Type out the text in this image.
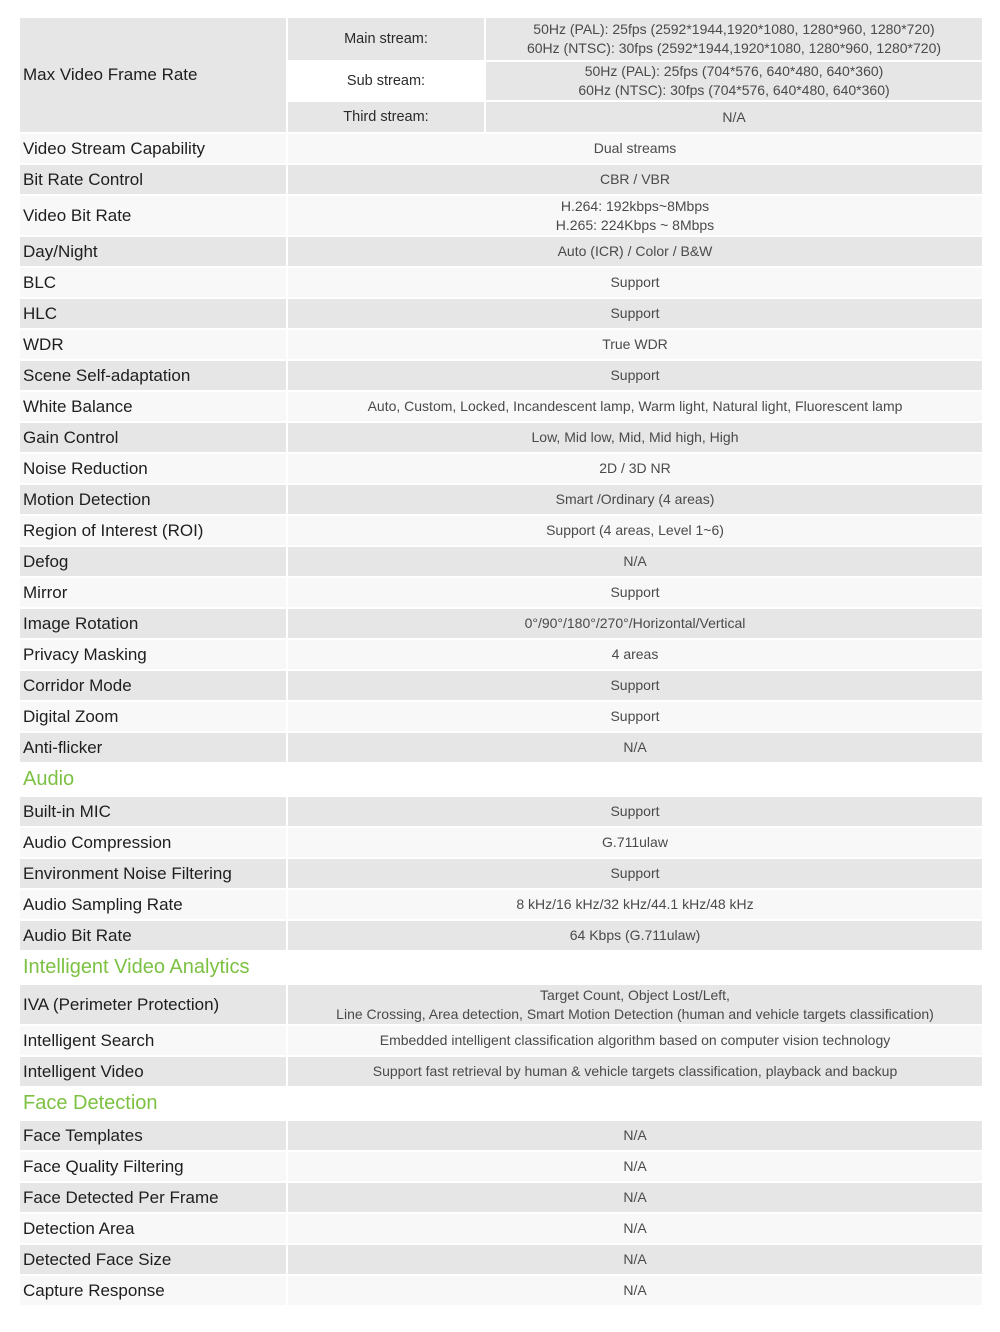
Max Video Frame Rate	Main stream:	50Hz (PAL): 25fps (2592*1944,1920*1080, 1280*960, 1280*720)
60Hz (NTSC): 30fps (2592*1944,1920*1080, 1280*960, 1280*720)

	Sub stream:	50Hz (PAL): 25fps (704*576, 640*480, 640*360)
60Hz (NTSC): 30fps (704*576, 640*480, 640*360)

	Third stream:	N/A
Video Stream Capability	Dual streams	
Bit Rate Control	CBR / VBR	
Video Bit Rate	H.264: 192kbps~8Mbps
H.265: 224Kbps ~ 8Mbps	

Day/Night	Auto (ICR) / Color / B&W	
BLC	Support	
HLC	Support	
WDR	True WDR	
Scene Self-adaptation	Support	
White Balance	Auto, Custom, Locked, Incandescent lamp, Warm light, Natural light, Fluorescent lamp	
Gain Control	Low, Mid low, Mid, Mid high, High	
Noise Reduction	2D / 3D NR	
Motion Detection	Smart /Ordinary (4 areas)	
Region of Interest (ROI)	Support (4 areas, Level 1~6)	
Defog	N/A	
Mirror	Support	
Image Rotation	0°/90°/180°/270°/Horizontal/Vertical	
Privacy Masking	4 areas	
Corridor Mode	Support	
Digital Zoom	Support	
Anti-flicker	N/A	
Audio		
Built-in MIC	Support	
Audio Compression	G.711ulaw	
Environment Noise Filtering	Support	
Audio Sampling Rate	8 kHz/16 kHz/32 kHz/44.1 kHz/48 kHz	
Audio Bit Rate	64 Kbps (G.711ulaw)	
Intelligent Video Analytics		
IVA (Perimeter Protection)	Target Count, Object Lost/Left,
Line Crossing, Area detection, Smart Motion Detection (human and vehicle targets classification)	

Intelligent Search	Embedded intelligent classification algorithm based on computer vision technology	
Intelligent Video	Support fast retrieval by human & vehicle targets classification, playback and backup	
Face Detection		
Face Templates	N/A	
Face Quality Filtering	N/A	
Face Detected Per Frame	N/A	
Detection Area	N/A	
Detected Face Size	N/A	
Capture Response	N/A	
